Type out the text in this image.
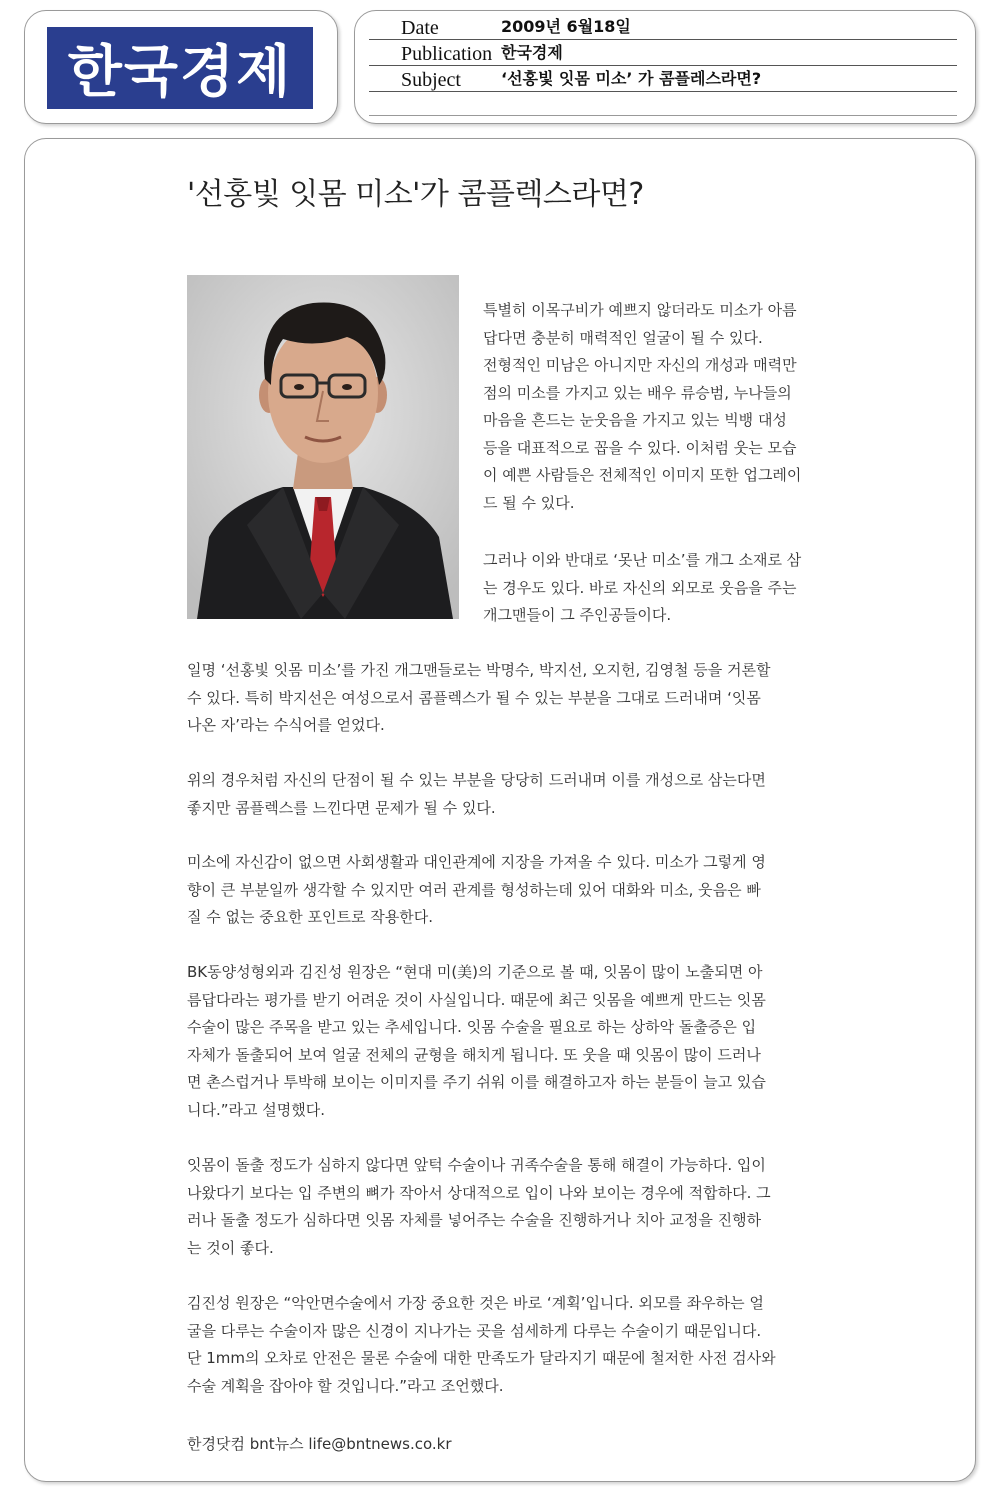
한국경제
Date	2009년 6월18일
Publication 한국경제
Subject	‘선홍빛 잇몸 미소’ 가 콤플레스라면?
'선홍빛 잇몸 미소'가 콤플렉스라면?

특별히 이목구비가 예쁘지 않더라도 미소가 아름
답다면 충분히 매력적인 얼굴이 될 수 있다.
전형적인 미남은 아니지만 자신의 개성과 매력만
점의 미소를 가지고 있는 배우 류승범, 누나들의
마음을 흔드는 눈웃음을 가지고 있는 빅뱅 대성
등을 대표적으로 꼽을 수 있다. 이처럼 웃는 모습
이 예쁜 사람들은 전체적인 이미지 또한 업그레이
드 될 수 있다.

그러나 이와 반대로 ‘못난 미소’를 개그 소재로 삼
는 경우도 있다. 바로 자신의 외모로 웃음을 주는
개그맨들이 그 주인공들이다.

일명 ‘선홍빛 잇몸 미소’를 가진 개그맨들로는 박명수, 박지선, 오지헌, 김영철 등을 거론할
수 있다. 특히 박지선은 여성으로서 콤플렉스가 될 수 있는 부분을 그대로 드러내며 ‘잇몸
나온 자’라는 수식어를 얻었다.

위의 경우처럼 자신의 단점이 될 수 있는 부분을 당당히 드러내며 이를 개성으로 삼는다면
좋지만 콤플렉스를 느낀다면 문제가 될 수 있다.

미소에 자신감이 없으면 사회생활과 대인관계에 지장을 가져올 수 있다. 미소가 그렇게 영
향이 큰 부분일까 생각할 수 있지만 여러 관계를 형성하는데 있어 대화와 미소, 웃음은 빠
질 수 없는 중요한 포인트로 작용한다.

BK동양성형외과 김진성 원장은 “현대 미(美)의 기준으로 볼 때, 잇몸이 많이 노출되면 아
름답다라는 평가를 받기 어려운 것이 사실입니다. 때문에 최근 잇몸을 예쁘게 만드는 잇몸
수술이 많은 주목을 받고 있는 추세입니다. 잇몸 수술을 필요로 하는 상하악 돌출증은 입
자체가 돌출되어 보여 얼굴 전체의 균형을 해치게 됩니다. 또 웃을 때 잇몸이 많이 드러나
면 촌스럽거나 투박해 보이는 이미지를 주기 쉬워 이를 해결하고자 하는 분들이 늘고 있습
니다.”라고 설명했다.

잇몸이 돌출 정도가 심하지 않다면 앞턱 수술이나 귀족수술을 통해 해결이 가능하다. 입이
나왔다기 보다는 입 주변의 뼈가 작아서 상대적으로 입이 나와 보이는 경우에 적합하다. 그
러나 돌출 정도가 심하다면 잇몸 자체를 넣어주는 수술을 진행하거나 치아 교정을 진행하
는 것이 좋다.

김진성 원장은 “악안면수술에서 가장 중요한 것은 바로 ‘계획’입니다. 외모를 좌우하는 얼
굴을 다루는 수술이자 많은 신경이 지나가는 곳을 섬세하게 다루는 수술이기 때문입니다.
단 1mm의 오차로 안전은 물론 수술에 대한 만족도가 달라지기 때문에 철저한 사전 검사와
수술 계획을 잡아야 할 것입니다.”라고 조언했다.

한경닷컴 bnt뉴스 life@bntnews.co.kr
